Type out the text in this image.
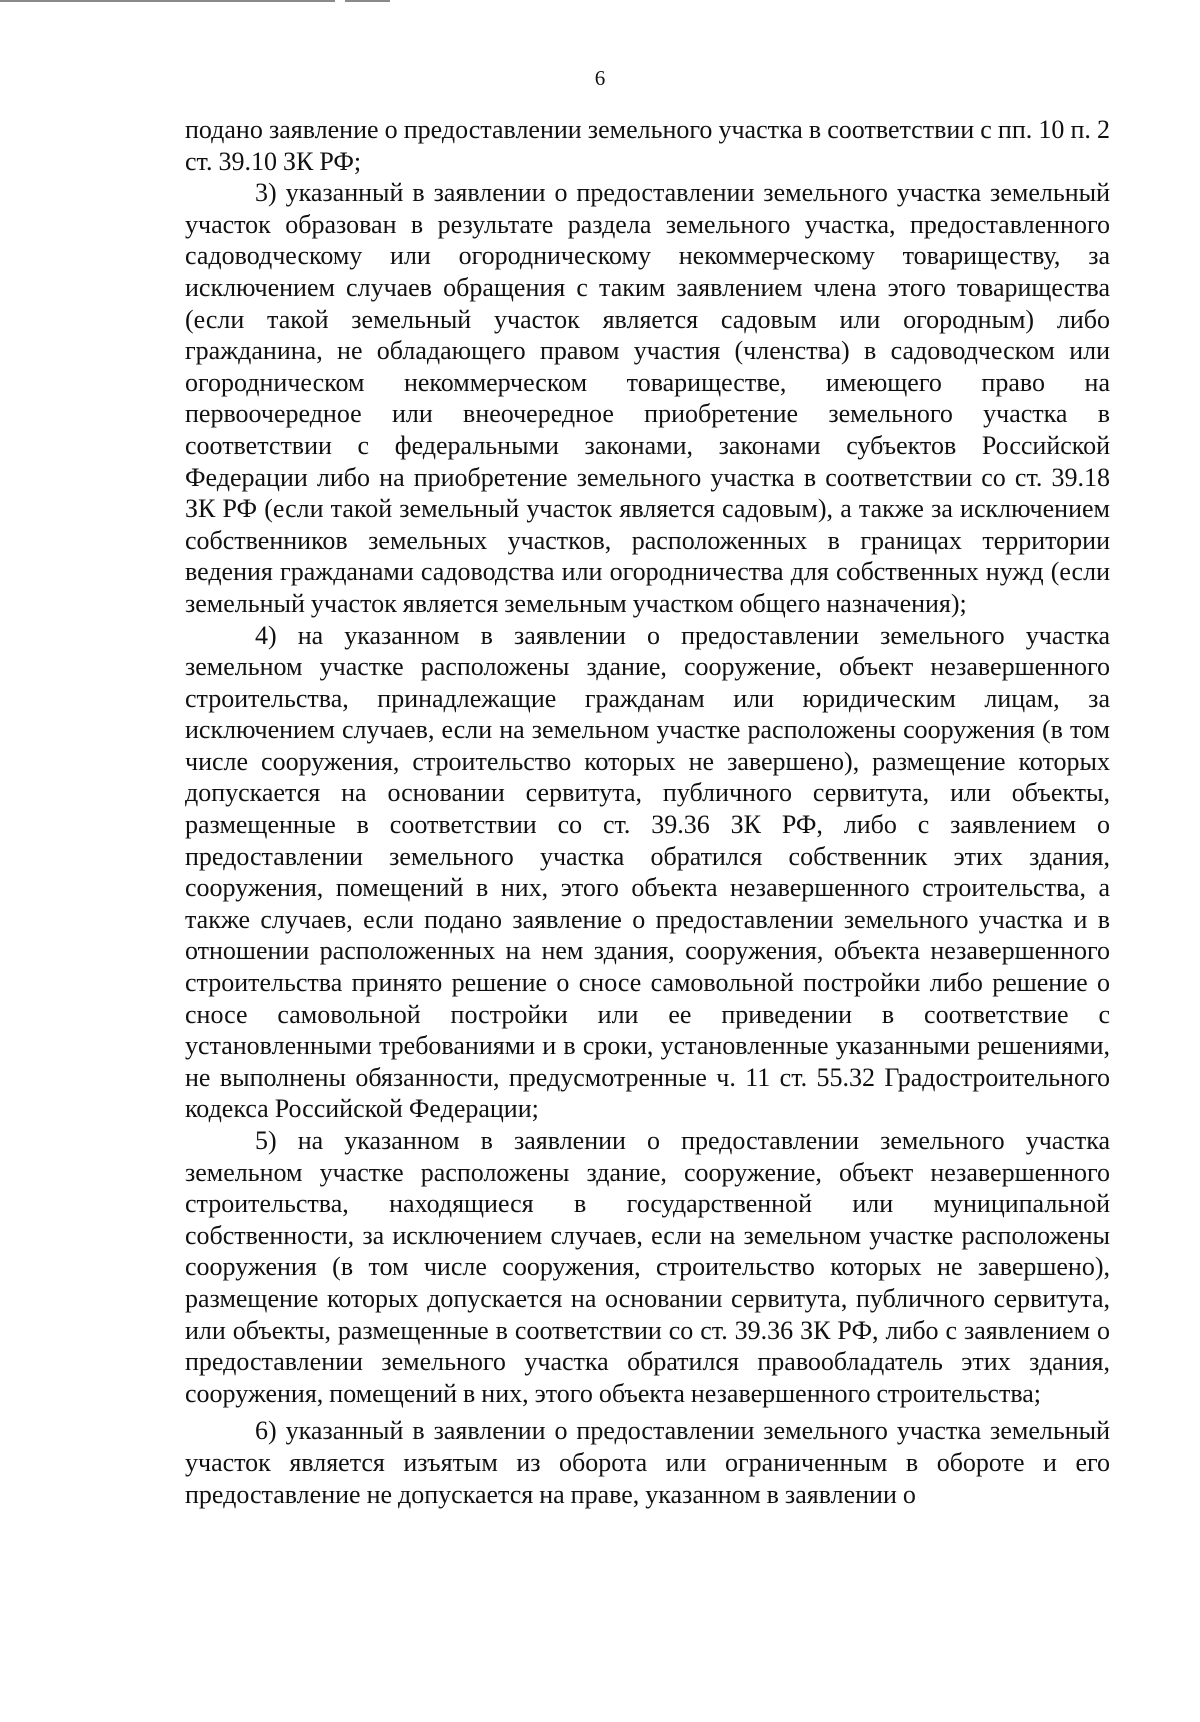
6

подано заявление о предоставлении земельного участка в соответствии с пп. 10 п. 2 ст. 39.10 ЗК РФ;

3) указанный в заявлении о предоставлении земельного участка земельный участок образован в результате раздела земельного участка, предоставленного садоводческому или огородническому некоммерческому товариществу, за исключением случаев обращения с таким заявлением члена этого товарищества (если такой земельный участок является садовым или огородным) либо гражданина, не обладающего правом участия (членства) в садоводческом или огородническом некоммерческом товариществе, имеющего право на первоочередное или внеочередное приобретение земельного участка в соответствии с федеральными законами, законами субъектов Российской Федерации либо на приобретение земельного участка в соответствии со ст. 39.18 ЗК РФ (если такой земельный участок является садовым), а также за исключением собственников земельных участков, расположенных в границах территории ведения гражданами садоводства или огородничества для собственных нужд (если земельный участок является земельным участком общего назначения);

4) на указанном в заявлении о предоставлении земельного участка земельном участке расположены здание, сооружение, объект незавершенного строительства, принадлежащие гражданам или юридическим лицам, за исключением случаев, если на земельном участке расположены сооружения (в том числе сооружения, строительство которых не завершено), размещение которых допускается на основании сервитута, публичного сервитута, или объекты, размещенные в соответствии со ст. 39.36 ЗК РФ, либо с заявлением о предоставлении земельного участка обратился собственник этих здания, сооружения, помещений в них, этого объекта незавершенного строительства, а также случаев, если подано заявление о предоставлении земельного участка и в отношении расположенных на нем здания, сооружения, объекта незавершенного строительства принято решение о сносе самовольной постройки либо решение о сносе самовольной постройки или ее приведении в соответствие с установленными требованиями и в сроки, установленные указанными решениями, не выполнены обязанности, предусмотренные ч. 11 ст. 55.32 Градостроительного кодекса Российской Федерации;

5) на указанном в заявлении о предоставлении земельного участка земельном участке расположены здание, сооружение, объект незавершенного строительства, находящиеся в государственной или муниципальной собственности, за исключением случаев, если на земельном участке расположены сооружения (в том числе сооружения, строительство которых не завершено), размещение которых допускается на основании сервитута, публичного сервитута, или объекты, размещенные в соответствии со ст. 39.36 ЗК РФ, либо с заявлением о предоставлении земельного участка обратился правообладатель этих здания, сооружения, помещений в них, этого объекта незавершенного строительства;

6) указанный в заявлении о предоставлении земельного участка земельный участок является изъятым из оборота или ограниченным в обороте и его предоставление не допускается на праве, указанном в заявлении о
